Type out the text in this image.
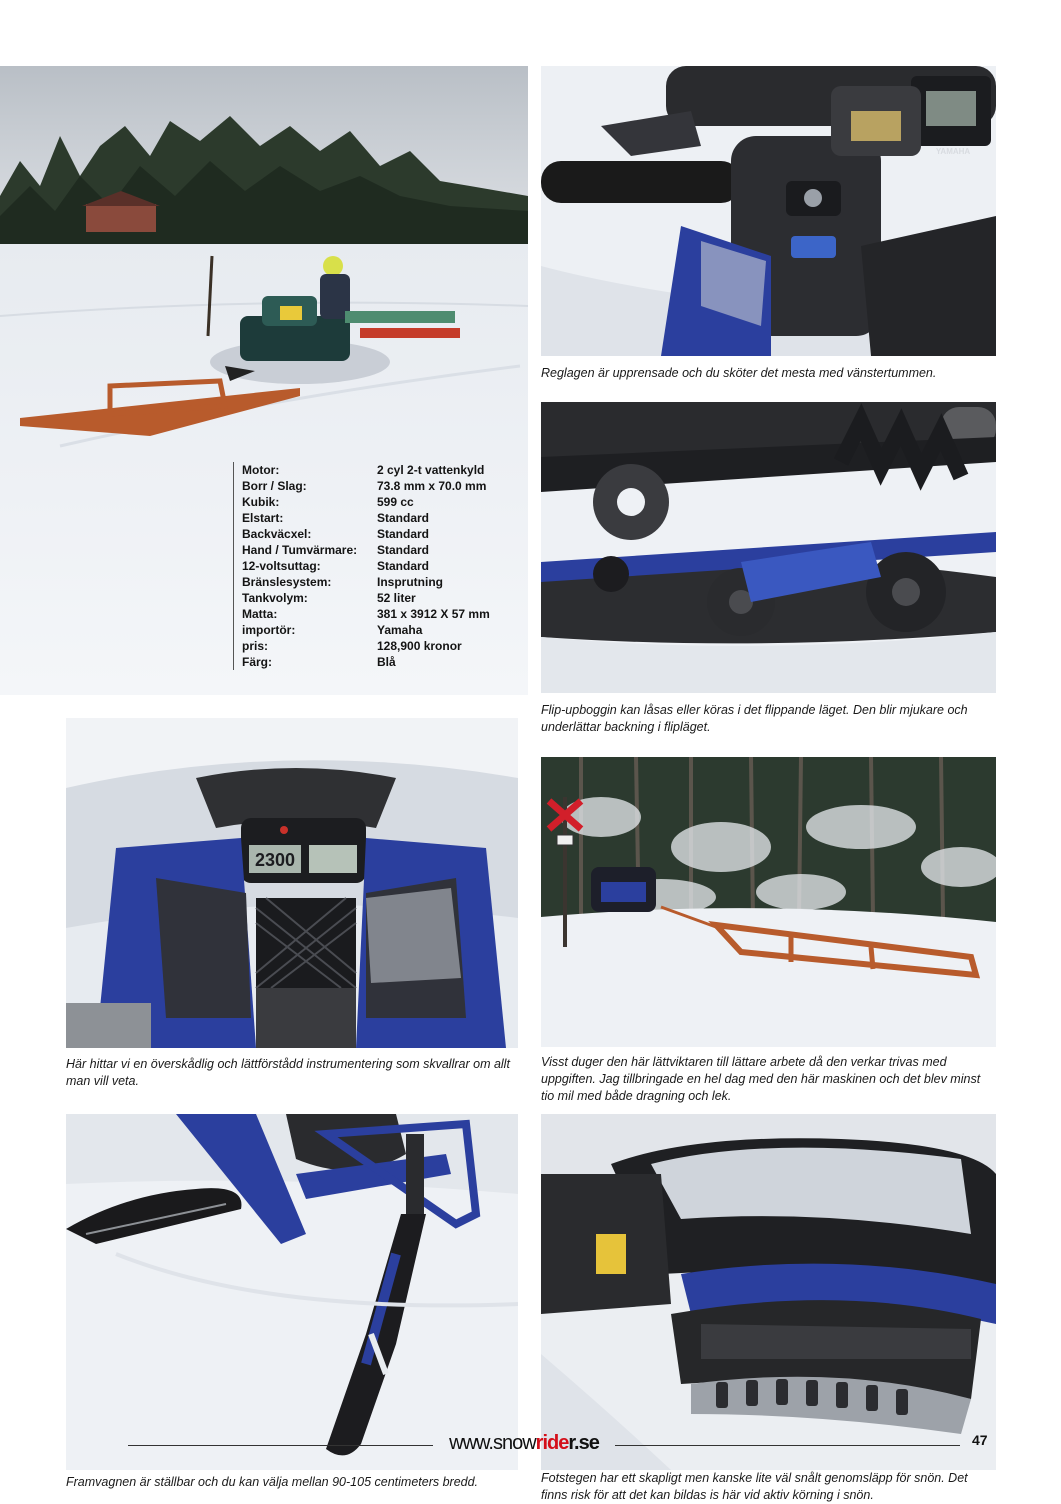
YAMAHA

Reglagen är upprensade och du sköter det mesta med vänstertummen.

Flip-upboggin kan låsas eller köras i det flippande läget. Den blir mjukare och underlättar backning i flipläget.

2300
YAMAHA

Här hittar vi en överskådlig och lättförstådd instrumentering som skvallrar om allt man vill veta.

Visst duger den här lättviktaren till lättare arbete då den verkar trivas med uppgiften. Jag tillbringade en hel dag med den här maskinen och det blev minst tio mil med både dragning och lek.

Framvagnen är ställbar och du kan välja mellan 90-105 centimeters bredd.	Fotstegen har ett skapligt men kanske lite väl snålt genomsläpp för snön. Det finns risk för att det kan bildas is här vid aktiv körning i snön.

Motor:	2 cyl 2-t vattenkyld
Borr / Slag:	73.8 mm x 70.0 mm
Kubik:	599 cc
Elstart:	Standard
Backväcxel:	Standard
Hand / Tumvärmare:	Standard
12-voltsuttag:	Standard
Bränslesystem:	Insprutning
Tankvolym:	52 liter
Matta:	381 x 3912 X 57 mm
importör:	Yamaha
pris:	128,900 kronor
Färg:	Blå
www.snowrider.se	47
